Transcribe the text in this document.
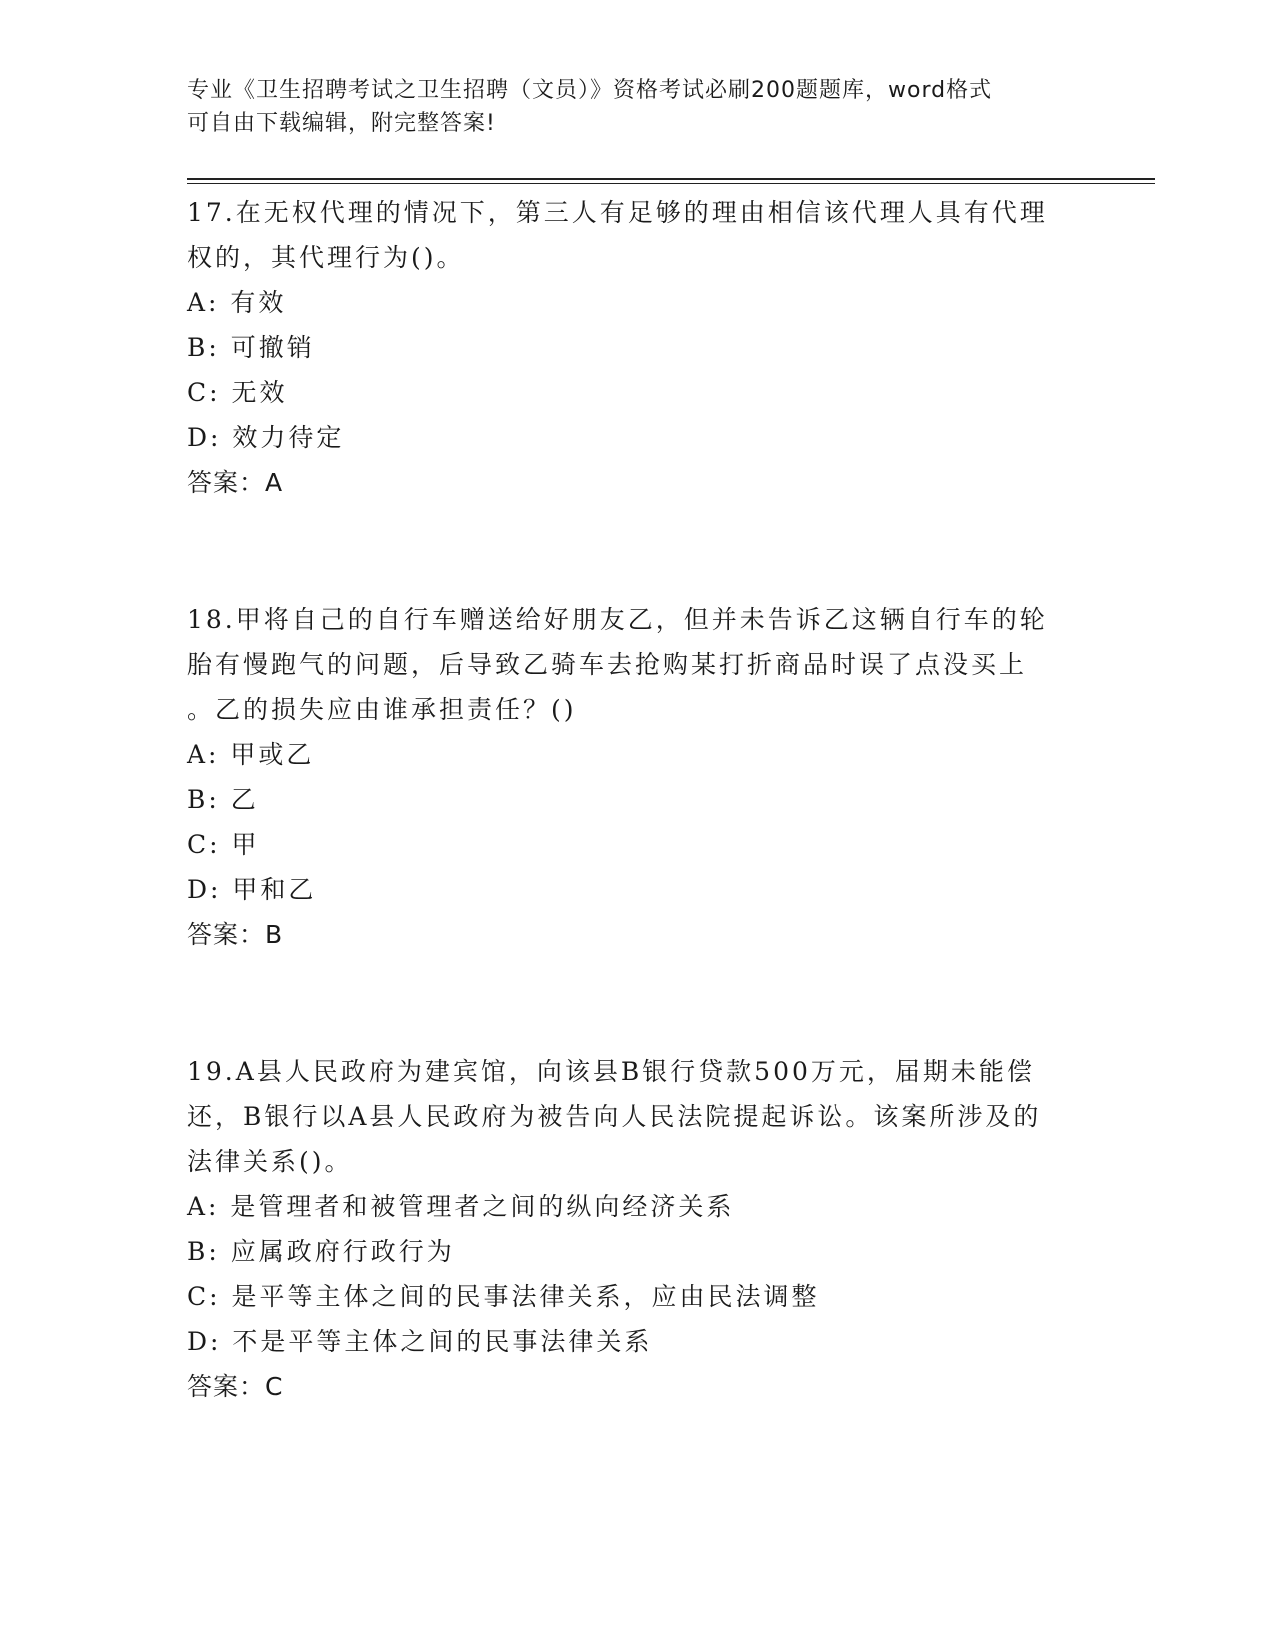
专业《卫生招聘考试之卫生招聘（文员）》资格考试必刷200题题库，word格式
可自由下载编辑，附完整答案!
17.在无权代理的情况下，第三人有足够的理由相信该代理人具有代理
权的，其代理行为()。
A: 有效
B: 可撤销
C: 无效
D: 效力待定
答案：A
18.甲将自己的自行车赠送给好朋友乙，但并未告诉乙这辆自行车的轮
胎有慢跑气的问题，后导致乙骑车去抢购某打折商品时误了点没买上
。乙的损失应由谁承担责任？()
A: 甲或乙
B: 乙
C: 甲
D: 甲和乙
答案：B
19.A县人民政府为建宾馆，向该县B银行贷款500万元，届期未能偿
还，B银行以A县人民政府为被告向人民法院提起诉讼。该案所涉及的
法律关系()。
A: 是管理者和被管理者之间的纵向经济关系
B: 应属政府行政行为
C: 是平等主体之间的民事法律关系，应由民法调整
D: 不是平等主体之间的民事法律关系
答案：C
